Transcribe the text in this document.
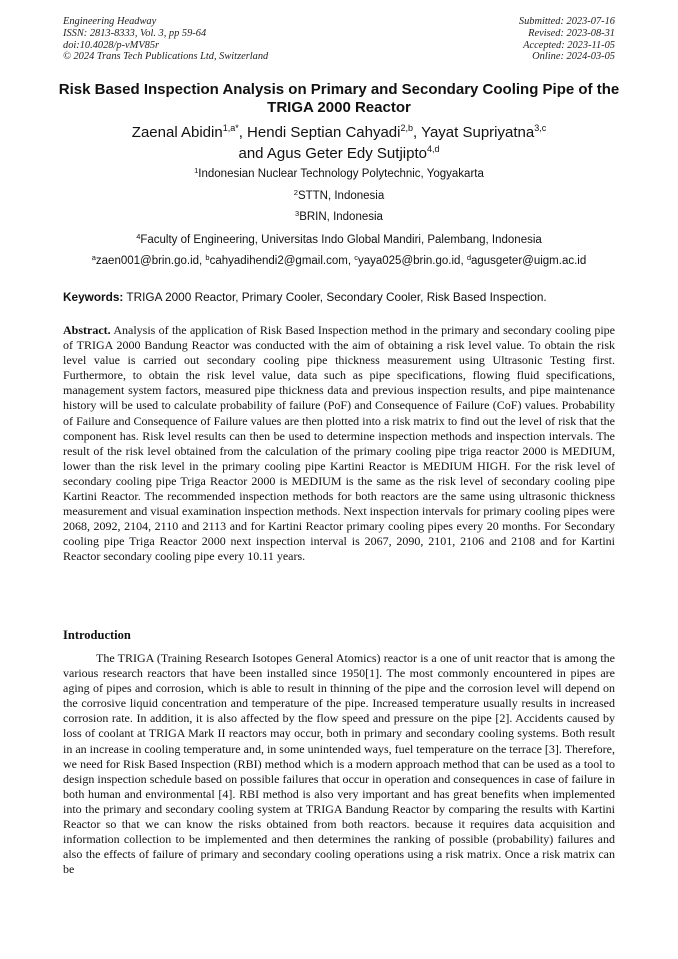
Engineering Headway
ISSN: 2813-8333, Vol. 3, pp 59-64
doi:10.4028/p-vMV85r
© 2024 Trans Tech Publications Ltd, Switzerland
Submitted: 2023-07-16
Revised: 2023-08-31
Accepted: 2023-11-05
Online: 2024-03-05
Risk Based Inspection Analysis on Primary and Secondary Cooling Pipe of the TRIGA 2000 Reactor
Zaenal Abidin$^{1,a*}$, Hendi Septian Cahyadi$^{2,b}$, Yayat Supriyatna$^{3,c}$
and Agus Geter Edy Sutjipto$^{4,d}$
$^1$Indonesian Nuclear Technology Polytechnic, Yogyakarta
$^2$STTN, Indonesia
$^3$BRIN, Indonesia
$^4$Faculty of Engineering, Universitas Indo Global Mandiri, Palembang, Indonesia
$^a$zaen001@brin.go.id, $^b$cahyadihendi2@gmail.com, $^c$yaya025@brin.go.id, $^d$agusgeter@uigm.ac.id
Keywords: TRIGA 2000 Reactor, Primary Cooler, Secondary Cooler, Risk Based Inspection.
Abstract. Analysis of the application of Risk Based Inspection method in the primary and secondary cooling pipe of TRIGA 2000 Bandung Reactor was conducted with the aim of obtaining a risk level value. To obtain the risk level value is carried out secondary cooling pipe thickness measurement using Ultrasonic Testing first. Furthermore, to obtain the risk level value, data such as pipe specifications, flowing fluid specifications, management system factors, measured pipe thickness data and previous inspection results, and pipe maintenance history will be used to calculate probability of failure (PoF) and Consequence of Failure (CoF) values. Probability of Failure and Consequence of Failure values are then plotted into a risk matrix to find out the level of risk that the component has. Risk level results can then be used to determine inspection methods and inspection intervals. The result of the risk level obtained from the calculation of the primary cooling pipe triga reactor 2000 is MEDIUM, lower than the risk level in the primary cooling pipe Kartini Reactor is MEDIUM HIGH. For the risk level of secondary cooling pipe Triga Reactor 2000 is MEDIUM is the same as the risk level of secondary cooling pipe Kartini Reactor. The recommended inspection methods for both reactors are the same using ultrasonic thickness measurement and visual examination inspection methods. Next inspection intervals for primary cooling pipes were 2068, 2092, 2104, 2110 and 2113 and for Kartini Reactor primary cooling pipes every 20 months. For Secondary cooling pipe Triga Reactor 2000 next inspection interval is 2067, 2090, 2101, 2106 and 2108 and for Kartini Reactor secondary cooling pipe every 10.11 years.
Introduction
The TRIGA (Training Research Isotopes General Atomics) reactor is a one of unit reactor that is among the various research reactors that have been installed since 1950[1]. The most commonly encountered in pipes are aging of pipes and corrosion, which is able to result in thinning of the pipe and the corrosion level will depend on the corrosive liquid concentration and temperature of the pipe. Increased temperature usually results in increased corrosion rate. In addition, it is also affected by the flow speed and pressure on the pipe [2]. Accidents caused by loss of coolant at TRIGA Mark II reactors may occur, both in primary and secondary cooling systems. Both result in an increase in cooling temperature and, in some unintended ways, fuel temperature on the terrace [3]. Therefore, we need for Risk Based Inspection (RBI) method which is a modern approach method that can be used as a tool to design inspection schedule based on possible failures that occur in operation and consequences in case of failure in both human and environmental [4]. RBI method is also very important and has great benefits when implemented into the primary and secondary cooling system at TRIGA Bandung Reactor by comparing the results with Kartini Reactor so that we can know the risks obtained from both reactors. because it requires data acquisition and information collection to be implemented and then determines the ranking of possible (probability) failures and also the effects of failure of primary and secondary cooling operations using a risk matrix. Once a risk matrix can be
